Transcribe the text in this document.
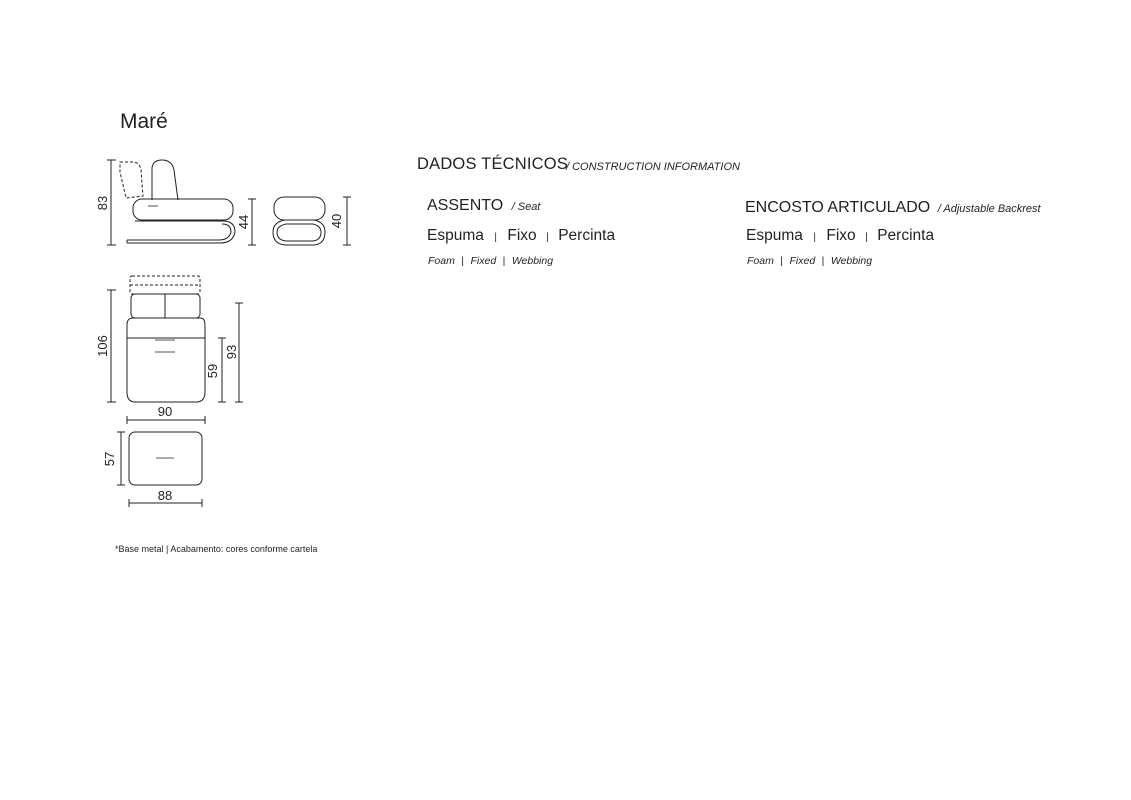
Maré
83
44	40
106
59
93
90
57
88
DADOS TÉCNICOS
/ CONSTRUCTION INFORMATION
ASSENTO / Seat
Espuma | Fixo | Percinta
Foam | Fixed | Webbing
ENCOSTO ARTICULADO / Adjustable Backrest
Espuma | Fixo | Percinta
Foam | Fixed | Webbing
*Base metal | Acabamento: cores conforme cartela
